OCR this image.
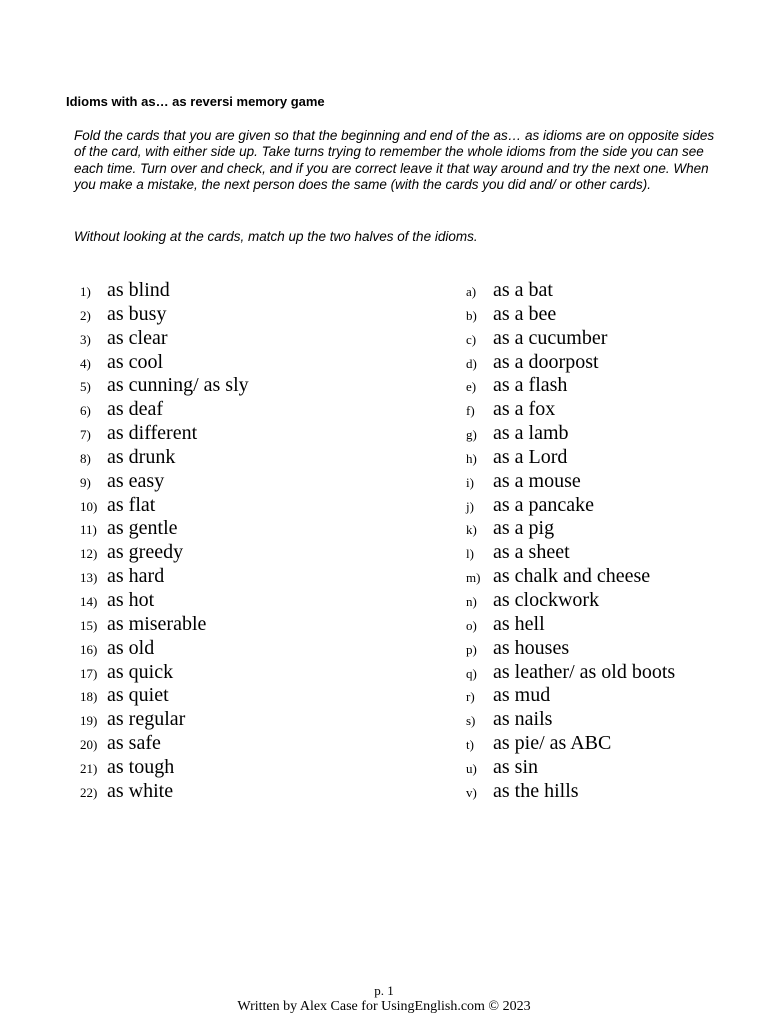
Idioms with as… as reversi memory game

Fold the cards that you are given so that the beginning and end of the as… as idioms are on opposite sides of the card, with either side up. Take turns trying to remember the whole idioms from the side you can see each time. Turn over and check, and if you are correct leave it that way around and try the next one. When you make a mistake, the next person does the same (with the cards you did and/ or other cards).

Without looking at the cards, match up the two halves of the idioms.

1) as blind
2) as busy
3) as clear
4) as cool
5) as cunning/ as sly
6) as deaf
7) as different
8) as drunk
9) as easy
10) as flat
11) as gentle
12) as greedy
13) as hard
14) as hot
15) as miserable
16) as old
17) as quick
18) as quiet
19) as regular
20) as safe
21) as tough
22) as white
a) as a bat
b) as a bee
c) as a cucumber
d) as a doorpost
e) as a flash
f) as a fox
g) as a lamb
h) as a Lord
i) as a mouse
j) as a pancake
k) as a pig
l) as a sheet
m) as chalk and cheese
n) as clockwork
o) as hell
p) as houses
q) as leather/ as old boots
r) as mud
s) as nails
t) as pie/ as ABC
u) as sin
v) as the hills
p. 1
Written by Alex Case for UsingEnglish.com © 2023
